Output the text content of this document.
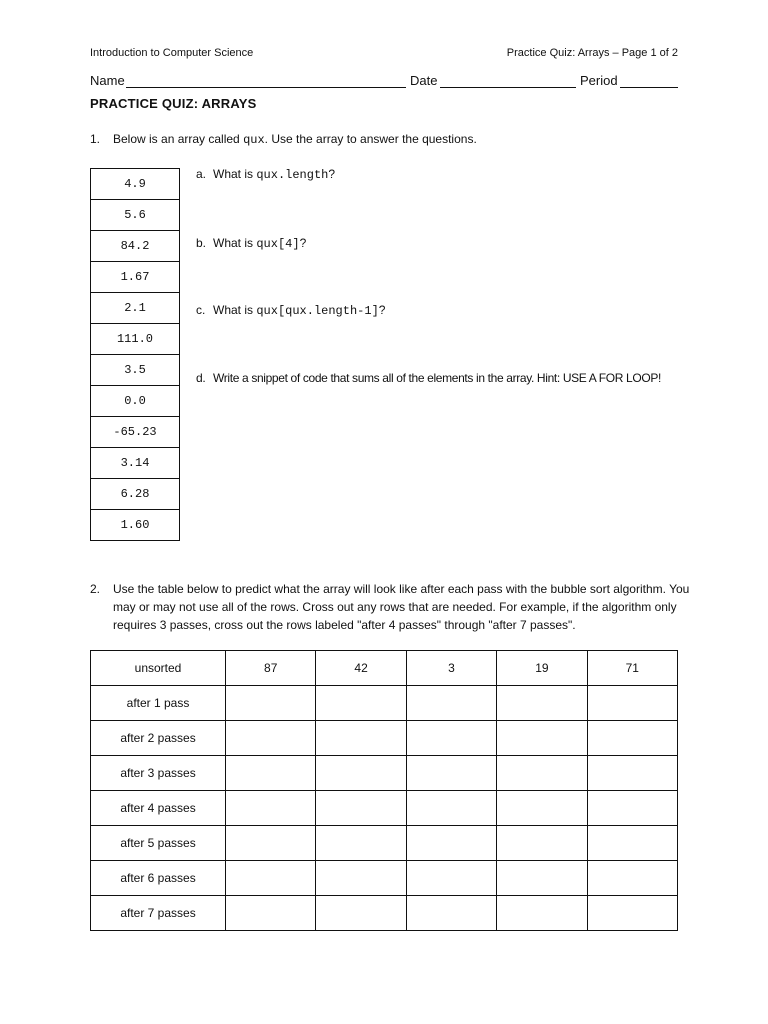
Introduction to Computer Science	Practice Quiz: Arrays – Page 1 of 2
Name	Date	Period
PRACTICE QUIZ: ARRAYS
1. Below is an array called qux. Use the array to answer the questions.
4.9
5.6
84.2
1.67
2.1
111.0
3.5
0.0
-65.23
3.14
6.28
1.60
a. What is qux.length?
b. What is qux[4]?
c. What is qux[qux.length-1]?
d. Write a snippet of code that sums all of the elements in the array. Hint: USE A FOR LOOP!
2. Use the table below to predict what the array will look like after each pass with the bubble sort algorithm. You may or may not use all of the rows. Cross out any rows that are needed. For example, if the algorithm only requires 3 passes, cross out the rows labeled "after 4 passes" through "after 7 passes".
unsorted	87	42	3	19	71
after 1 pass					
after 2 passes					
after 3 passes					
after 4 passes					
after 5 passes					
after 6 passes					
after 7 passes					
